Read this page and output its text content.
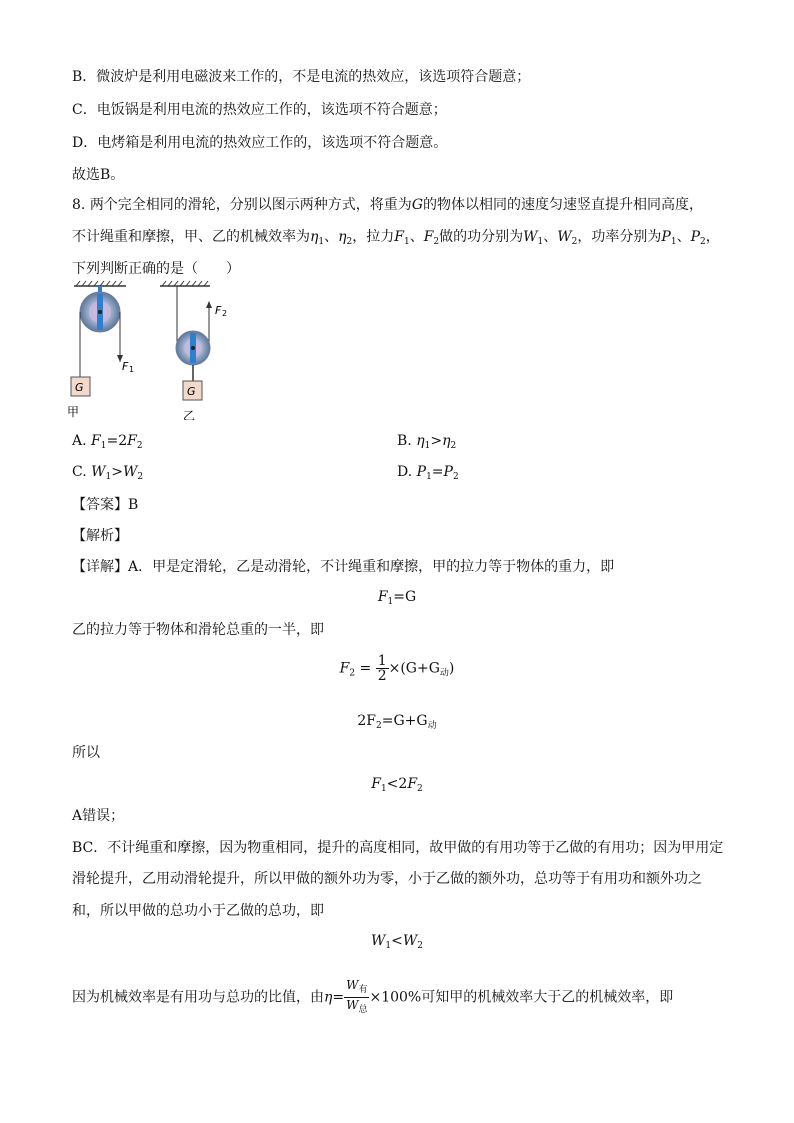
B．微波炉是利用电磁波来工作的，不是电流的热效应，该选项符合题意；
C．电饭锅是利用电流的热效应工作的，该选项不符合题意；
D．电烤箱是利用电流的热效应工作的，该选项不符合题意。
故选B。
8. 两个完全相同的滑轮，分别以图示两种方式，将重为G的物体以相同的速度匀速竖直提升相同高度，
不计绳重和摩擦，甲、乙的机械效率为$\eta_1$、$\eta_2$，拉力$F_1$、$F_2$做的功分别为$W_1$、$W_2$，功率分别为$P_1$、$P_2$，
下列判断正确的是（　　）
F 1
G
甲
F 2
G
乙
A. $F_1=2F_2$	B. $\eta_1>\eta_2$
C. $W_1>W_2$	D. $P_1=P_2$
【答案】B
【解析】
【详解】A．甲是定滑轮，乙是动滑轮，不计绳重和摩擦，甲的拉力等于物体的重力，即
$F_1=G$
乙的拉力等于物体和滑轮总重的一半，即
$F_2 = \frac{1}{2} \times(G+G_动)$
$2F_2=G+G_动$
所以
$F_1<2F_2$
A错误；
BC．不计绳重和摩擦，因为物重相同，提升的高度相同，故甲做的有用功等于乙做的有用功；因为甲用定
滑轮提升，乙用动滑轮提升，所以甲做的额外功为零，小于乙做的额外功，总功等于有用功和额外功之
和，所以甲做的总功小于乙做的总功，即
$W_1<W_2$
因为机械效率是有用功与总功的比值，由$\eta= \frac{W_有}{W_总} \times 100\%$可知甲的机械效率大于乙的机械效率，即
